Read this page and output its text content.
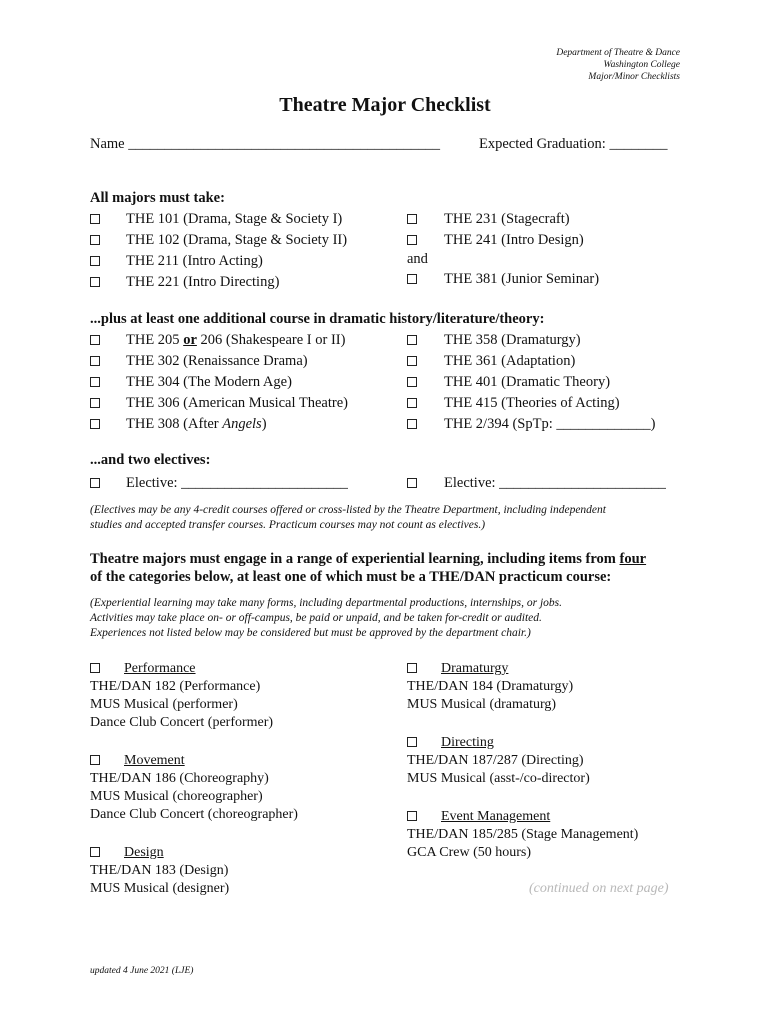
Department of Theatre & Dance
Washington College
Major/Minor Checklists
Theatre Major Checklist
Name ___________________________________________	Expected Graduation: ________
All majors must take:
THE 101 (Drama, Stage & Society I)
THE 102 (Drama, Stage & Society II)
THE 211 (Intro Acting)
THE 221 (Intro Directing)
THE 231 (Stagecraft)
THE 241 (Intro Design)
and
THE 381 (Junior Seminar)
...plus at least one additional course in dramatic history/literature/theory:
THE 205 or 206 (Shakespeare I or II)
THE 302 (Renaissance Drama)
THE 304 (The Modern Age)
THE 306 (American Musical Theatre)
THE 308 (After Angels)
THE 358 (Dramaturgy)
THE 361 (Adaptation)
THE 401 (Dramatic Theory)
THE 415 (Theories of Acting)
THE 2/394 (SpTp: _____________)
...and two electives:
Elective: _______________________	Elective: _______________________
(Electives may be any 4-credit courses offered or cross-listed by the Theatre Department, including independent
studies and accepted transfer courses. Practicum courses may not count as electives.)
Theatre majors must engage in a range of experiential learning, including items from four
of the categories below, at least one of which must be a THE/DAN practicum course:
(Experiential learning may take many forms, including departmental productions, internships, or jobs.
Activities may take place on- or off-campus, be paid or unpaid, and be taken for-credit or audited.
Experiences not listed below may be considered but must be approved by the department chair.)
Performance
THE/DAN 182 (Performance)
MUS Musical (performer)
Dance Club Concert (performer)
Movement
THE/DAN 186 (Choreography)
MUS Musical (choreographer)
Dance Club Concert (choreographer)
Design
THE/DAN 183 (Design)
MUS Musical (designer)
Dramaturgy
THE/DAN 184 (Dramaturgy)
MUS Musical (dramaturg)
Directing
THE/DAN 187/287 (Directing)
MUS Musical (asst-/co-director)
Event Management
THE/DAN 185/285 (Stage Management)
GCA Crew (50 hours)
(continued on next page)
updated 4 June 2021 (LJE)
